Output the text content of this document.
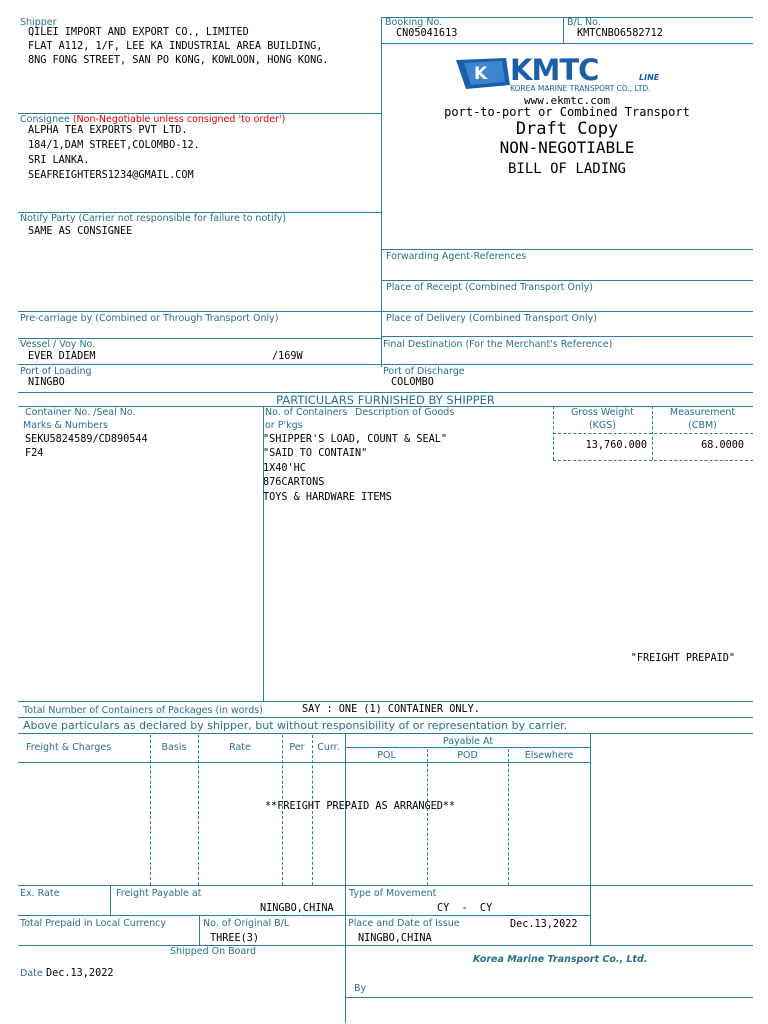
Shipper
QILEI IMPORT AND EXPORT CO., LIMITED
FLAT A112, 1/F, LEE KA INDUSTRIAL AREA BUILDING,
8NG FONG STREET, SAN PO KONG, KOWLOON, HONG KONG.
Booking No.
CN05041613
B/L No.
KMTCNBO6582712
K KMTC	LINE
KOREA MARINE TRANSPORT CO., LTD.
www.ekmtc.com
port-to-port or Combined Transport
Draft Copy
NON-NEGOTIABLE
BILL OF LADING
Consignee (Non-Negotiable unless consigned 'to order')
ALPHA TEA EXPORTS PVT LTD.
184/1,DAM STREET,COLOMBO-12.
SRI LANKA.
SEAFREIGHTERS1234@GMAIL.COM
Notify Party (Carrier not responsible for failure to notify)
SAME AS CONSIGNEE
Forwarding Agent-References
Place of Receipt (Combined Transport Only)
Pre-carriage by (Combined or Through Transport Only)	Place of Delivery (Combined Transport Only)
Vessel / Voy No.
EVER DIADEM	/169W
Final Destination (For the Merchant's Reference)
Port of Loading
NINGBO
Port of Discharge
COLOMBO
PARTICULARS FURNISHED BY SHIPPER
Container No. /Seal No.
Marks & Numbers
No. of Containers
or P'kgs
Description of Goods	Gross Weight
(KGS)
Measurement
(CBM)
SEKU5824589/CD890544
F24
"SHIPPER'S LOAD, COUNT & SEAL"
"SAID TO CONTAIN"
1X40'HC
876CARTONS
TOYS & HARDWARE ITEMS
13,760.000	68.0000
"FREIGHT PREPAID"
Total Number of Containers of Packages (in words)	SAY : ONE (1) CONTAINER ONLY.
Above particulars as declared by shipper, but without responsibility of or representation by carrier.
Freight & Charges	Basis	Rate	Per	Curr.
Payable At
POL	POD	Elsewhere
**FREIGHT PREPAID AS ARRANGED**
Ex. Rate	Freight Payable at
NINGBO,CHINA
Type of Movement
CY  -  CY
Total Prepaid in Local Currency	No. of Original B/L
THREE(3)
Place and Date of Issue	Dec.13,2022
NINGBO,CHINA
Shipped On Board
Date Dec.13,2022
Korea Marine Transport Co., Ltd.
By
